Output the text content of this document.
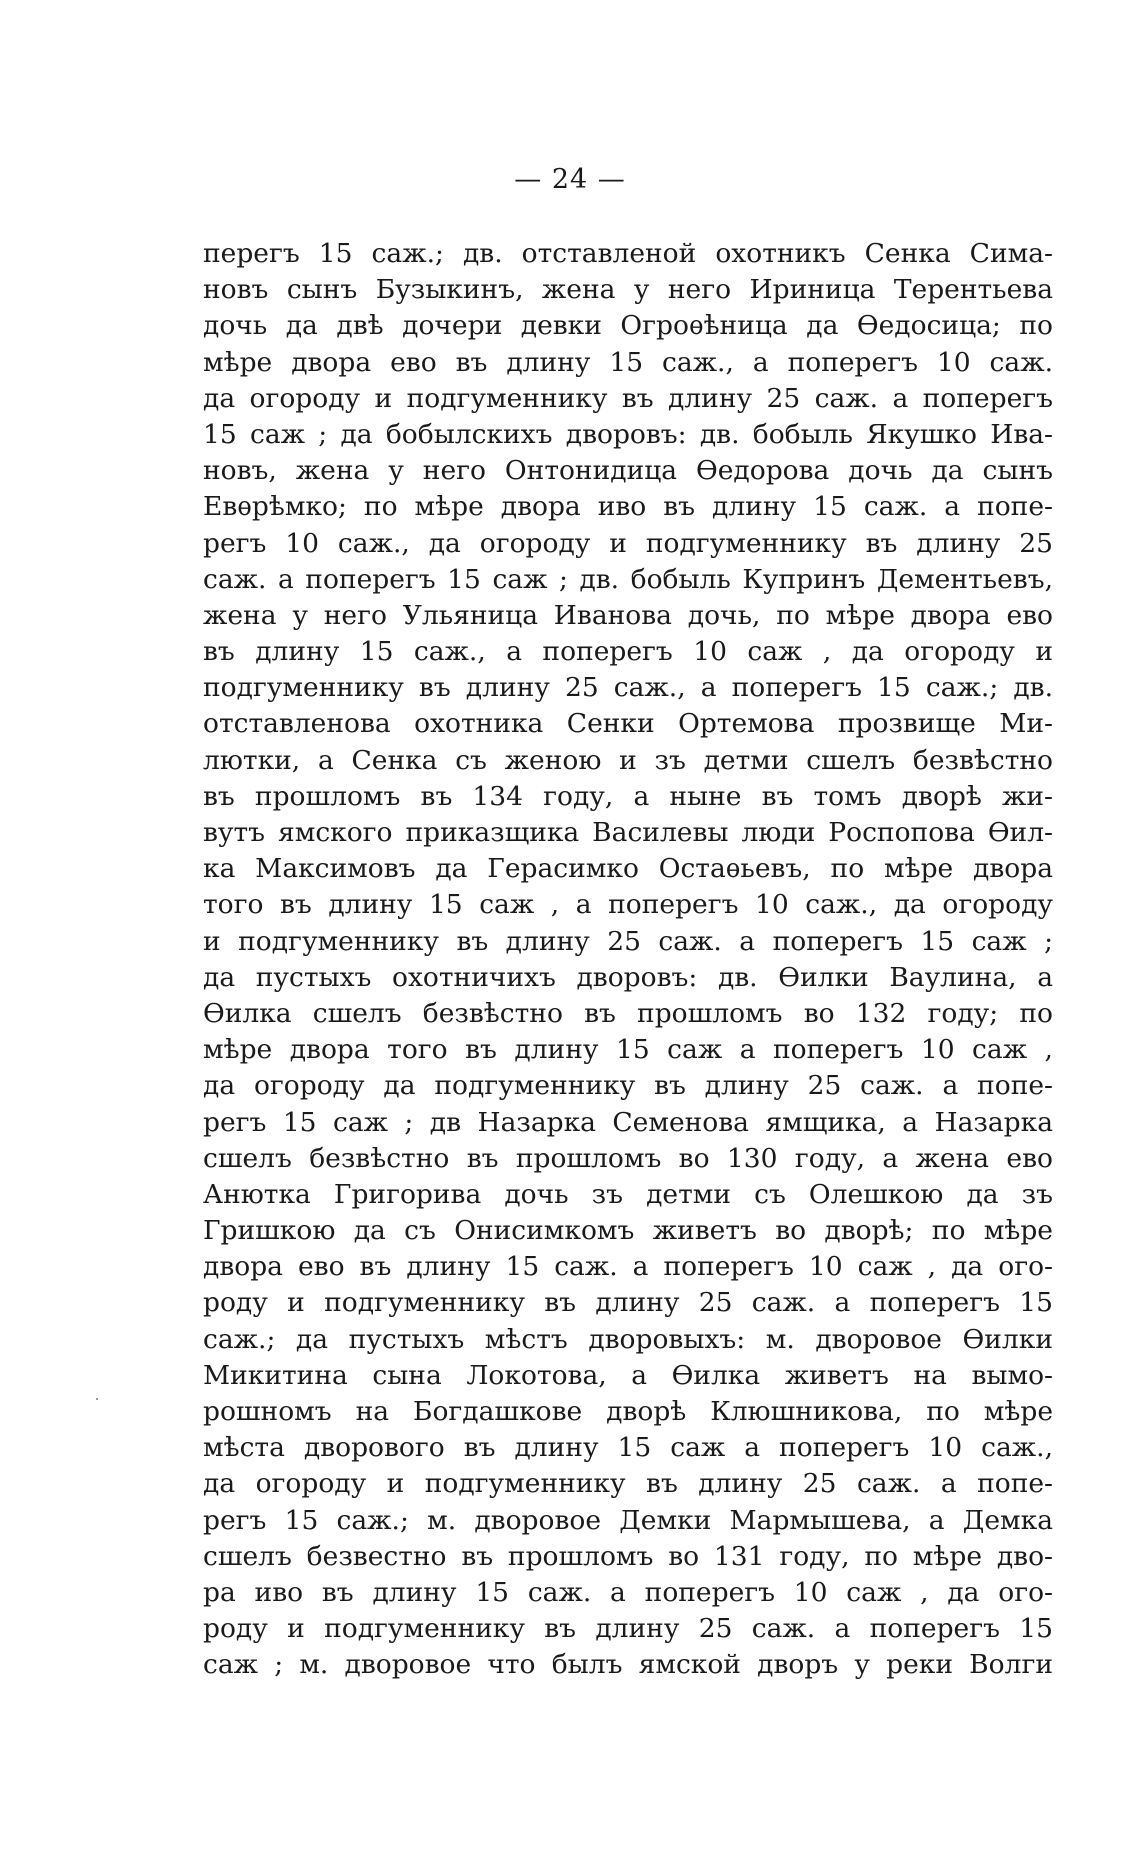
— 24 —
перегъ 15 саж.; дв. отставленой охотникъ Сенка Сима-
новъ сынъ Бузыкинъ, жена у него Ириница Терентьева
дочь да двѣ дочери девки Огроѳѣница да Ѳедосица; по
мѣре двора ево въ длину 15 саж., а поперегъ 10 саж.
да огороду и подгуменнику въ длину 25 саж. а поперегъ
15 саж ; да бобылскихъ дворовъ: дв. бобыль Якушко Ива-
новъ, жена у него Онтонидица Ѳедорова дочь да сынъ
Евѳрѣмко; по мѣре двора иво въ длину 15 саж. а попе-
регъ 10 саж., да огороду и подгуменнику въ длину 25
саж. а поперегъ 15 саж ; дв. бобыль Купринъ Дементьевъ,
жена у него Ульяница Иванова дочь, по мѣре двора ево
въ длину 15 саж., а поперегъ 10 саж , да огороду и
подгуменнику въ длину 25 саж., а поперегъ 15 саж.; дв.
отставленова охотника Сенки Ортемова прозвище Ми-
лютки, а Сенка съ женою и зъ детми сшелъ безвѣстно
въ прошломъ въ 134 году, а ныне въ томъ дворѣ жи-
вутъ ямского приказщика Василевы люди Роспопова Ѳил-
ка Максимовъ да Герасимко Остаѳьевъ, по мѣре двора
того въ длину 15 саж , а поперегъ 10 саж., да огороду
и подгуменнику въ длину 25 саж. а поперегъ 15 саж ;
да пустыхъ охотничихъ дворовъ: дв. Ѳилки Ваулина, а
Ѳилка сшелъ безвѣстно въ прошломъ во 132 году; по
мѣре двора того въ длину 15 саж а поперегъ 10 саж ,
да огороду да подгуменнику въ длину 25 саж. а попе-
регъ 15 саж ; дв Назарка Семенова ямщика, а Назарка
сшелъ безвѣстно въ прошломъ во 130 году, а жена ево
Анютка Григорива дочь зъ детми съ Олешкою да зъ
Гришкою да съ Онисимкомъ живетъ во дворѣ; по мѣре
двора ево въ длину 15 саж. а поперегъ 10 саж , да ого-
роду и подгуменнику въ длину 25 саж. а поперегъ 15
саж.; да пустыхъ мѣстъ дворовыхъ: м. дворовое Ѳилки
Микитина сына Локотова, а Ѳилка живетъ на вымо-
рошномъ на Богдашкове дворѣ Клюшникова, по мѣре
мѣста дворового въ длину 15 саж а поперегъ 10 саж.,
да огороду и подгуменнику въ длину 25 саж. а попе-
регъ 15 саж.; м. дворовое Демки Мармышева, а Демка
сшелъ безвестно въ прошломъ во 131 году, по мѣре дво-
ра иво въ длину 15 саж. а поперегъ 10 саж , да ого-
роду и подгуменнику въ длину 25 саж. а поперегъ 15
саж ; м. дворовое что былъ ямской дворъ у реки Волги
